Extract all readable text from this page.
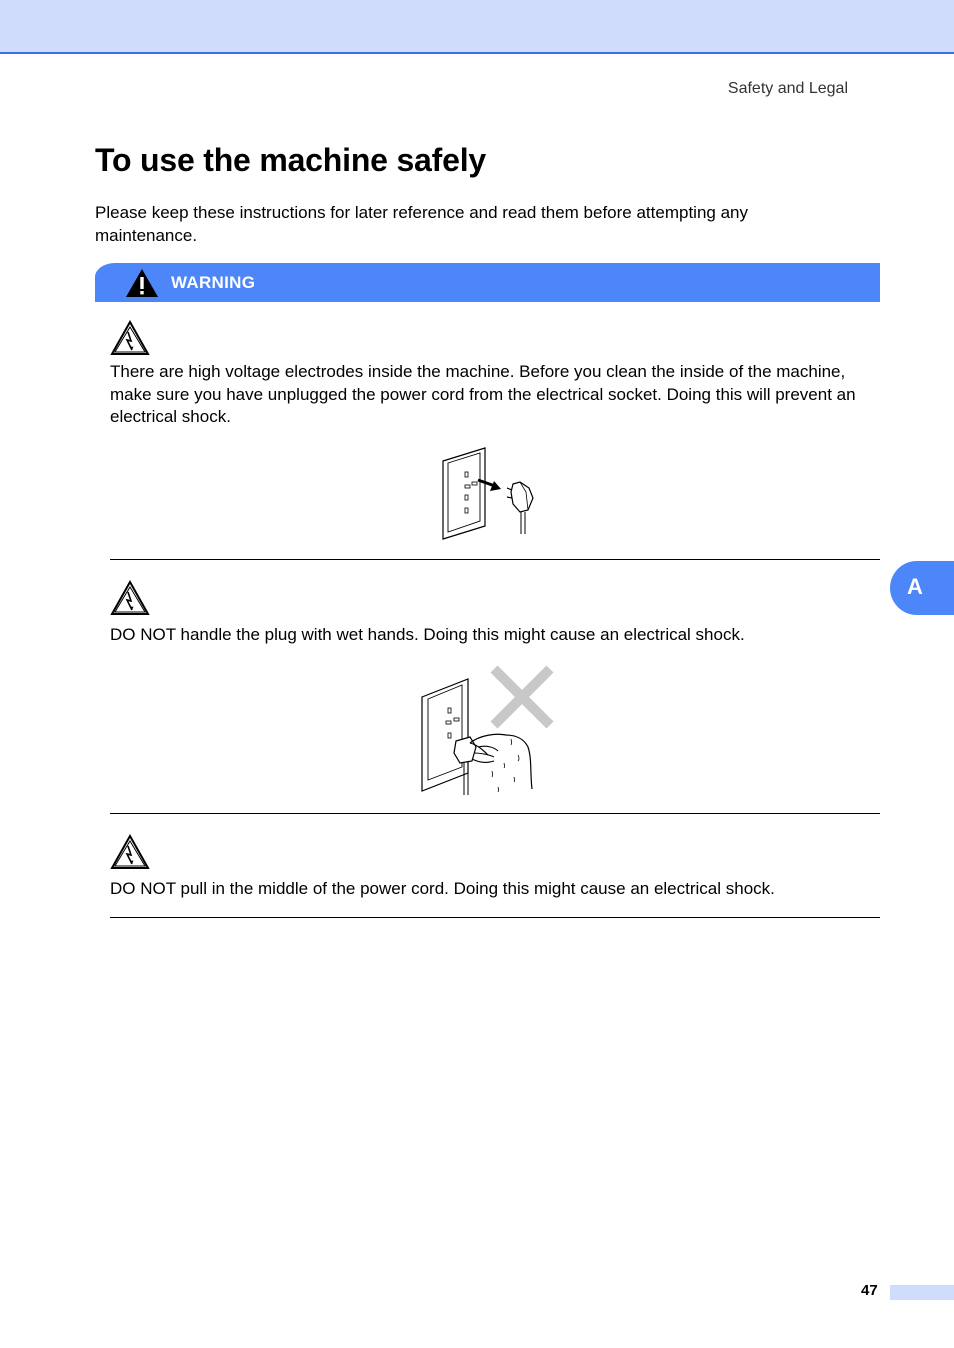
Safety and Legal
To use the machine safely

Please keep these instructions for later reference and read them before attempting any maintenance.

WARNING

There are high voltage electrodes inside the machine. Before you clean the inside of the machine, make sure you have unplugged the power cord from the electrical socket. Doing this will prevent an electrical shock.

DO NOT handle the plug with wet hands. Doing this might cause an electrical shock.

DO NOT pull in the middle of the power cord. Doing this might cause an electrical shock.

A
47
